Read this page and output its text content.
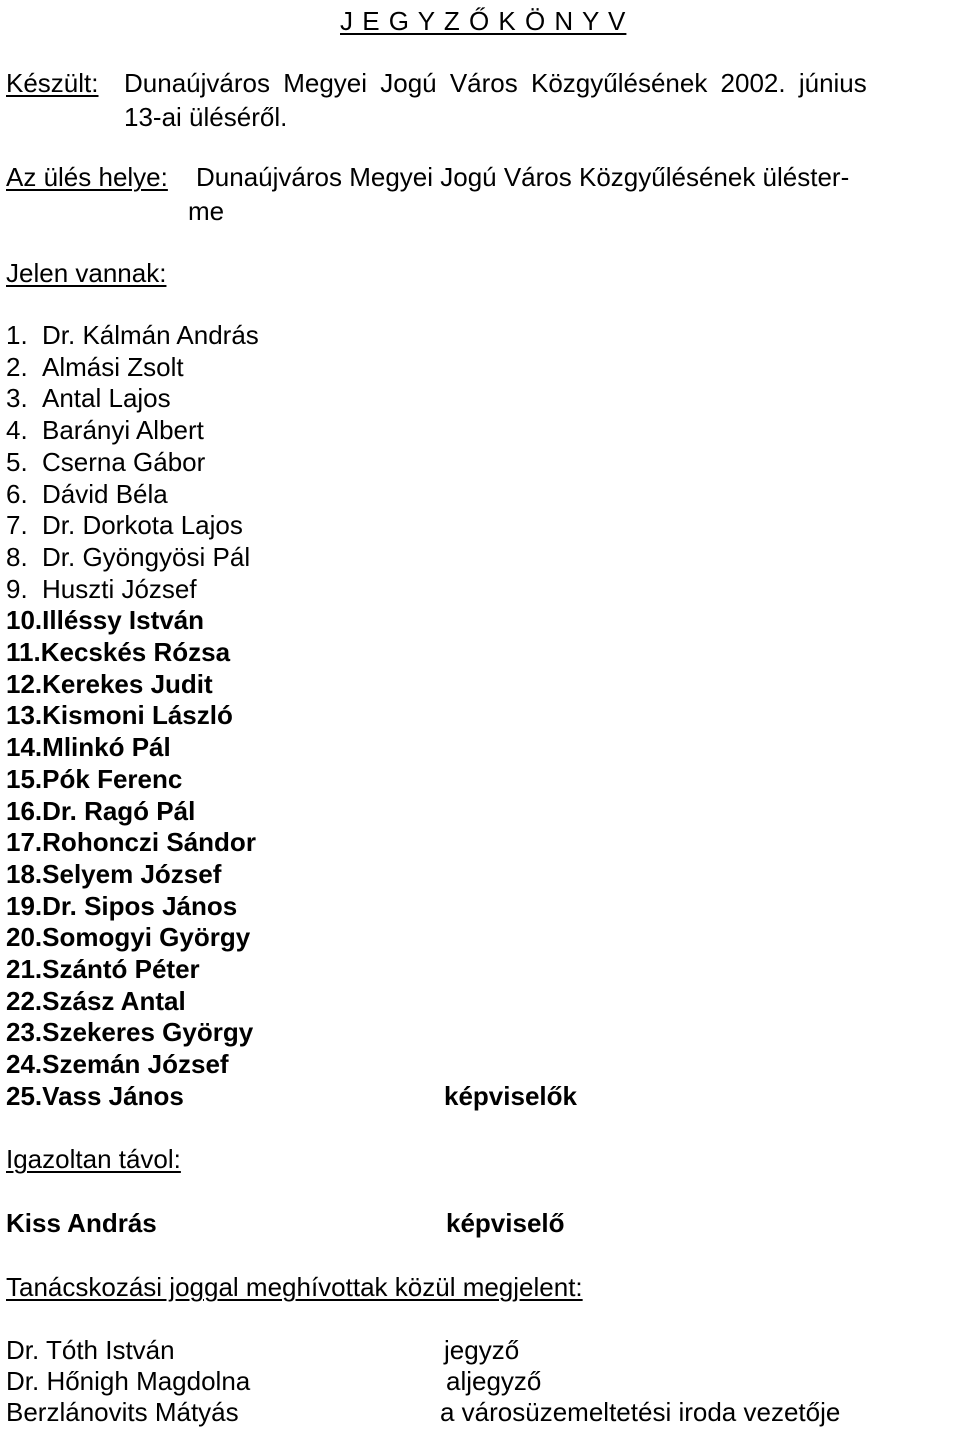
J E G Y Z Ő K Ö N Y V
Készült: Dunaújváros Megyei Jogú Város Közgyűlésének 2002. június
13-ai üléséről.
Az ülés helye: Dunaújváros Megyei Jogú Város Közgyűlésének üléster-
me
Jelen vannak:
1. Dr. Kálmán András
2. Almási Zsolt
3. Antal Lajos
4. Barányi Albert
5. Cserna Gábor
6. Dávid Béla
7. Dr. Dorkota Lajos
8. Dr. Gyöngyösi Pál
9. Huszti József
10.Illéssy István
11.Kecskés Rózsa
12.Kerekes Judit
13.Kismoni László
14.Mlinkó Pál
15.Pók Ferenc
16.Dr. Ragó Pál
17.Rohonczi Sándor
18.Selyem József
19.Dr. Sipos János
20.Somogyi György
21.Szántó Péter
22.Szász Antal
23.Szekeres György
24.Szemán József
25.Vass János	képviselők
Igazoltan távol:
Kiss András	képviselő
Tanácskozási joggal meghívottak közül megjelent:
Dr. Tóth István	jegyző
Dr. Hőnigh Magdolna	aljegyző
Berzlánovits Mátyás	a városüzemeltetési iroda vezetője
